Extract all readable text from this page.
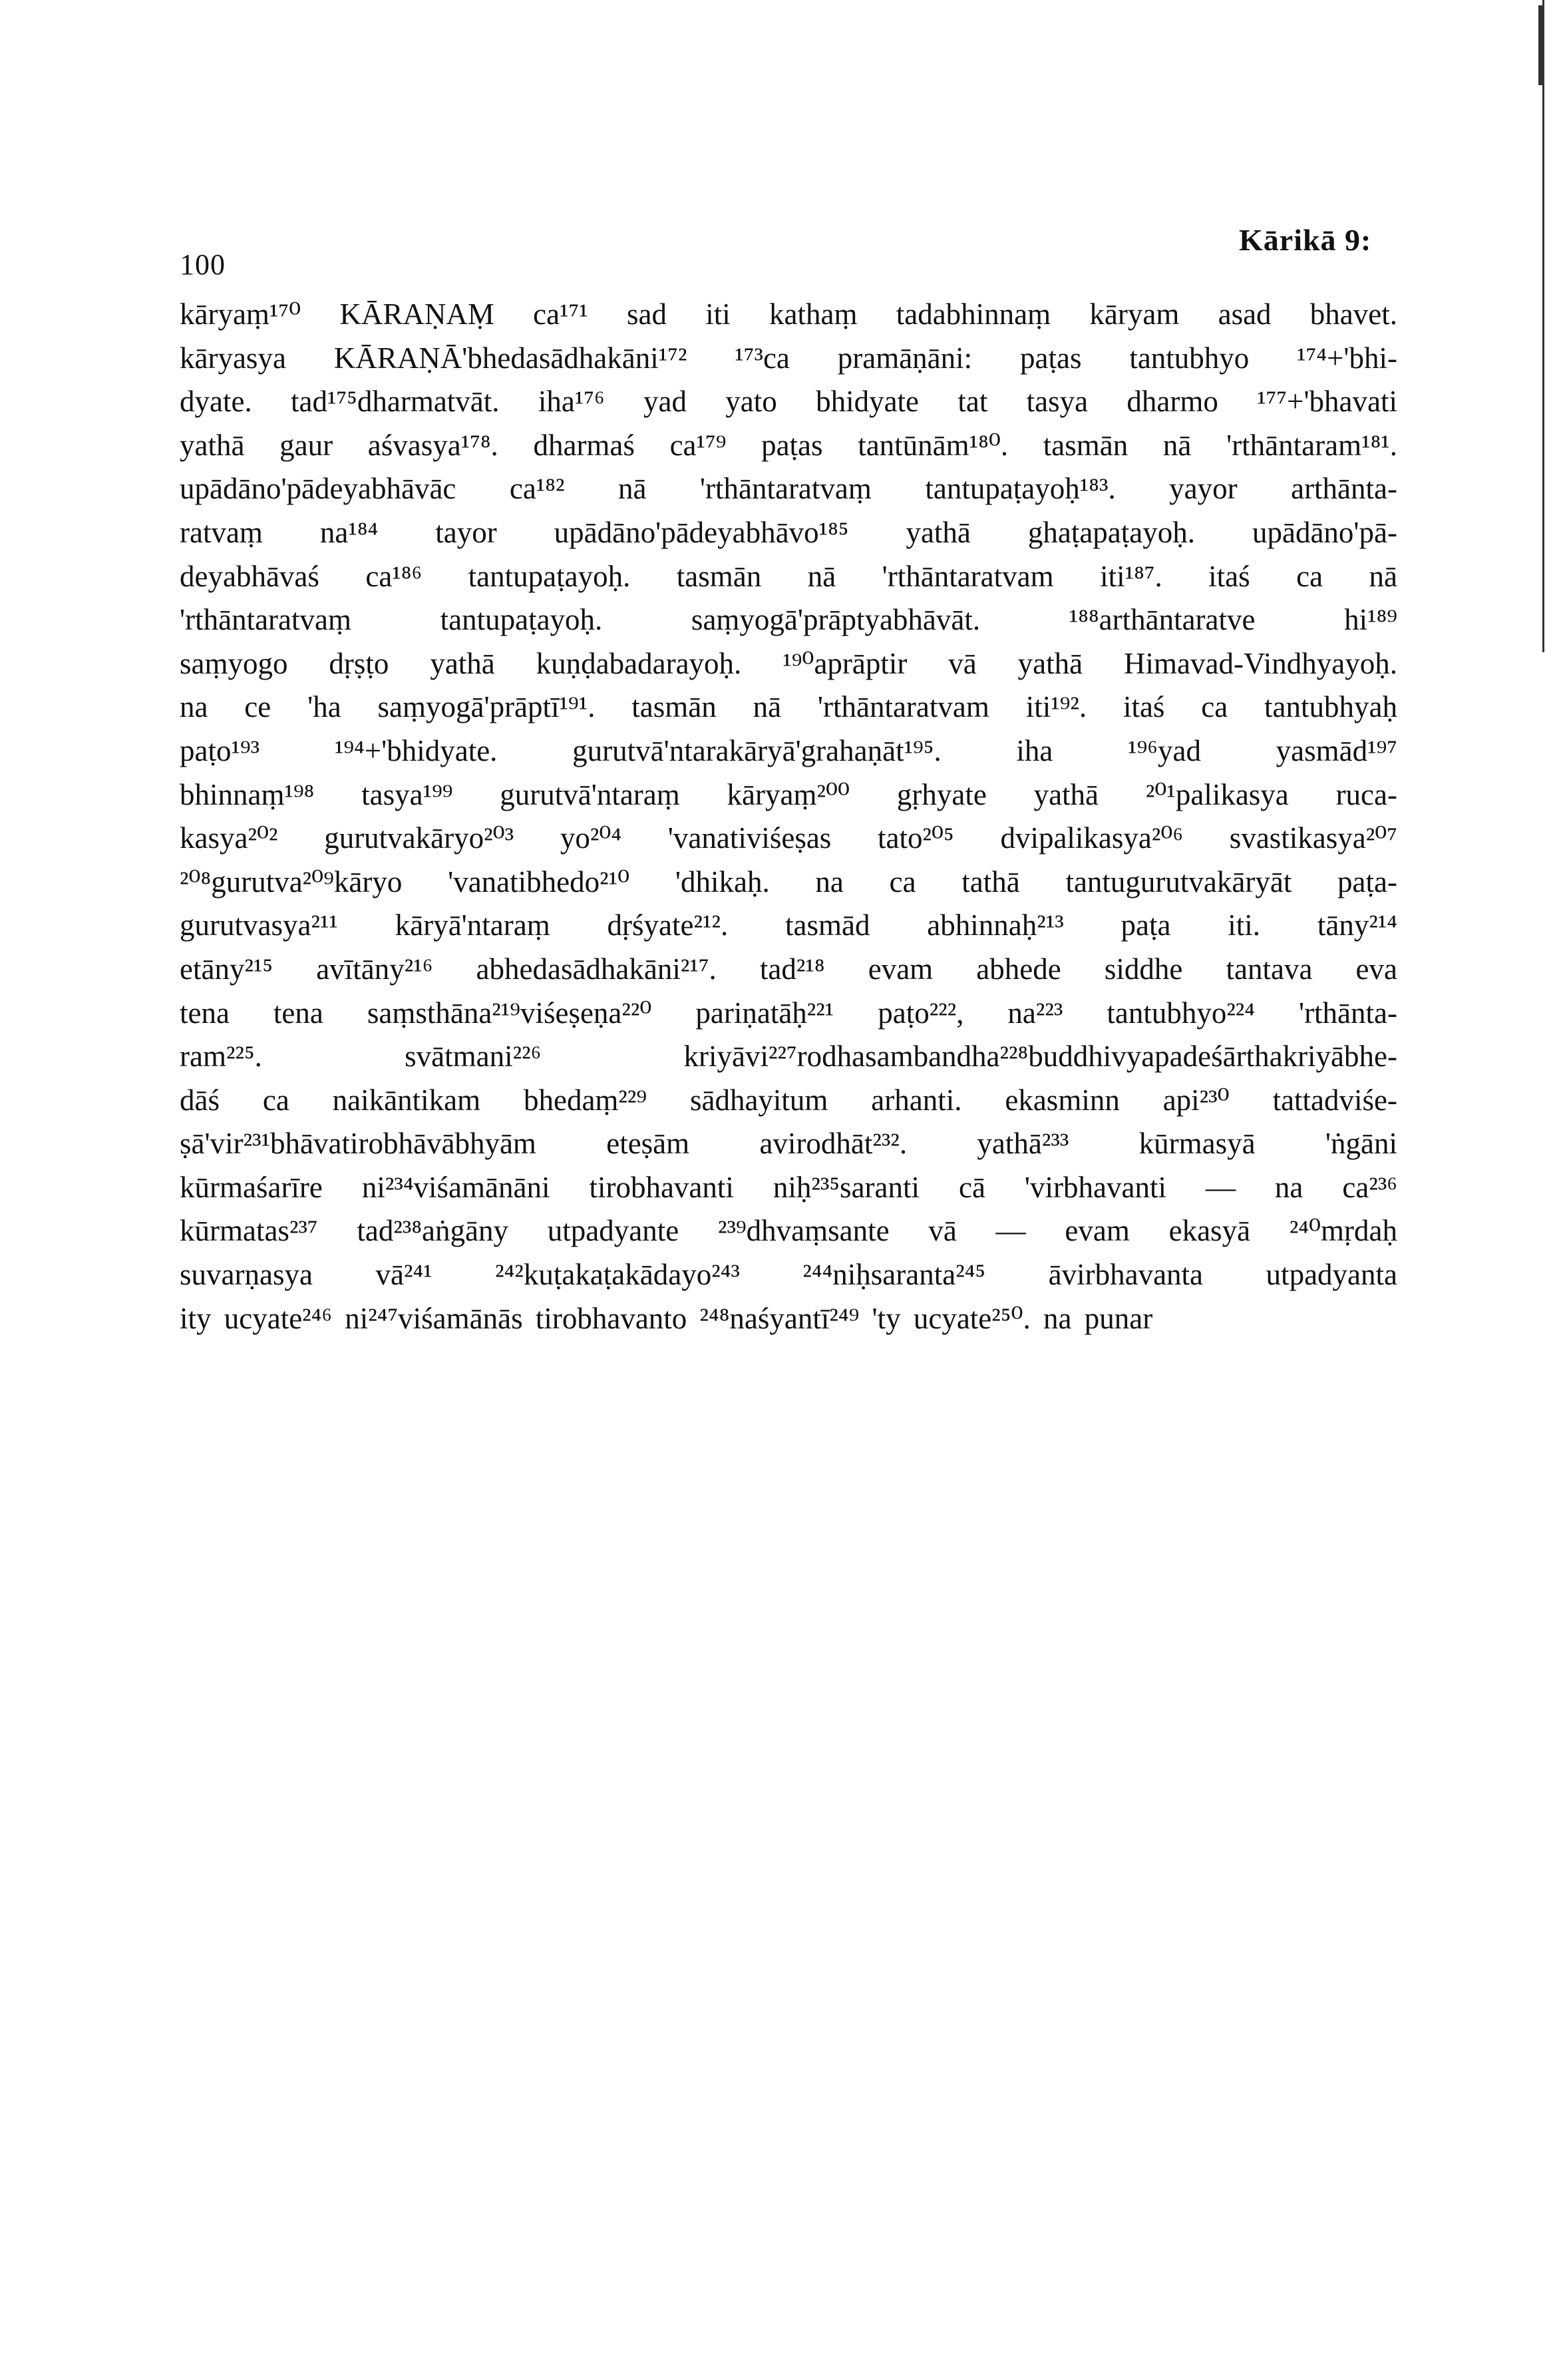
100
Kārikā 9:
kāryaṃ¹⁷⁰ KĀRAṆAṂ ca¹⁷¹ sad iti kathaṃ tadabhinnaṃ kāryam asad bhavet.
kāryasya KĀRAṆĀ'bhedasādhakāni¹⁷² ¹⁷³ca pramāṇāni: paṭas tantubhyo ¹⁷⁴+'bhi-
dyate. tad¹⁷⁵dharmatvāt. iha¹⁷⁶ yad yato bhidyate tat tasya dharmo ¹⁷⁷+'bhavati
yathā gaur aśvasya¹⁷⁸. dharmaś ca¹⁷⁹ paṭas tantūnām¹⁸⁰. tasmān nā 'rthāntaram¹⁸¹.
upādāno'pādeyabhāvāc ca¹⁸² nā 'rthāntaratvaṃ tantupaṭayoḥ¹⁸³. yayor arthānta-
ratvaṃ na¹⁸⁴ tayor upādāno'pādeyabhāvo¹⁸⁵ yathā ghaṭapaṭayoḥ. upādāno'pā-
deyabhāvaś ca¹⁸⁶ tantupaṭayoḥ. tasmān nā 'rthāntaratvam iti¹⁸⁷. itaś ca nā
'rthāntaratvaṃ tantupaṭayoḥ. saṃyogā'prāptyabhāvāt. ¹⁸⁸arthāntaratve hi¹⁸⁹
saṃyogo dṛṣṭo yathā kuṇḍabadarayoḥ. ¹⁹⁰aprāptir vā yathā Himavad-Vindhyayoḥ.
na ce 'ha saṃyogā'prāptī¹⁹¹. tasmān nā 'rthāntaratvam iti¹⁹². itaś ca tantubhyaḥ
paṭo¹⁹³ ¹⁹⁴+'bhidyate. gurutvā'ntarakāryā'grahaṇāt¹⁹⁵. iha ¹⁹⁶yad yasmād¹⁹⁷
bhinnaṃ¹⁹⁸ tasya¹⁹⁹ gurutvā'ntaraṃ kāryaṃ²⁰⁰ gṛhyate yathā ²⁰¹palikasya ruca-
kasya²⁰² gurutvakāryo²⁰³ yo²⁰⁴ 'vanativiśeṣas tato²⁰⁵ dvipalikasya²⁰⁶ svastikasya²⁰⁷
²⁰⁸gurutva²⁰⁹kāryo 'vanatibhedo²¹⁰ 'dhikaḥ. na ca tathā tantugurutvakāryāt paṭa-
gurutvasya²¹¹ kāryā'ntaraṃ dṛśyate²¹². tasmād abhinnaḥ²¹³ paṭa iti. tāny²¹⁴
etāny²¹⁵ avītāny²¹⁶ abhedasādhakāni²¹⁷. tad²¹⁸ evam abhede siddhe tantava eva
tena tena saṃsthāna²¹⁹viśeṣeṇa²²⁰ pariṇatāḥ²²¹ paṭo²²², na²²³ tantubhyo²²⁴ 'rthānta-
ram²²⁵. svātmani²²⁶ kriyāvi²²⁷rodhasambandha²²⁸buddhivyapadeśārthakriyābhe-
dāś ca naikāntikam bhedaṃ²²⁹ sādhayitum arhanti. ekasminn api²³⁰ tattadviśe-
ṣā'vir²³¹bhāvatirobhāvābhyām eteṣām avirodhāt²³². yathā²³³ kūrmasyā 'ṅgāni
kūrmaśarīre ni²³⁴viśamānāni tirobhavanti niḥ²³⁵saranti cā 'virbhavanti — na ca²³⁶
kūrmatas²³⁷ tad²³⁸aṅgāny utpadyante ²³⁹dhvaṃsante vā — evam ekasyā ²⁴⁰mṛdaḥ
suvarṇasya vā²⁴¹ ²⁴²kuṭakaṭakādayo²⁴³ ²⁴⁴niḥsaranta²⁴⁵ āvirbhavanta utpadyanta
ity ucyate²⁴⁶ ni²⁴⁷viśamānās tirobhavanto ²⁴⁸naśyantī²⁴⁹ 'ty ucyate²⁵⁰. na punar
